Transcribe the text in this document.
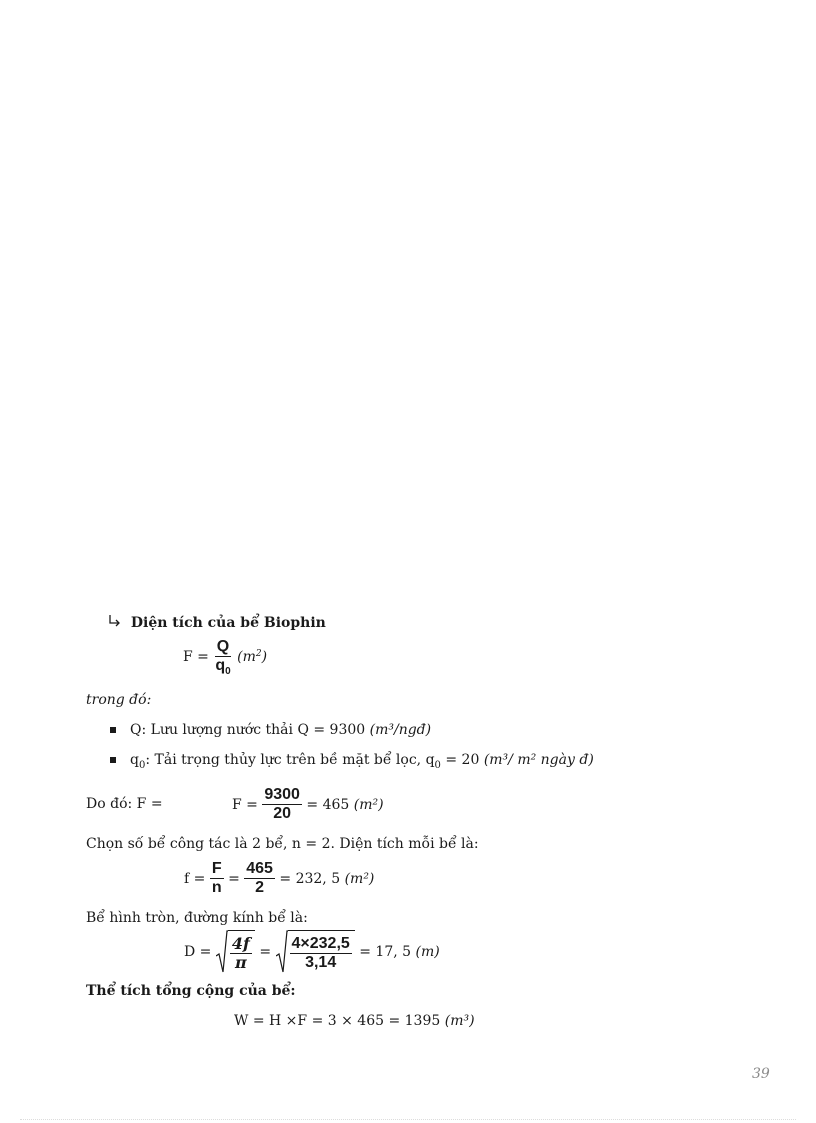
Diện tích của bể Biophin
$F = \frac{Q}{q_0} (m^2)$
trong đó:
Q: Lưu lượng nước thải Q = 9300 (m³/ngđ)
$q_0$: Tải trọng thủy lực trên bề mặt bể lọc, $q_0 = 20$ (m³/ m² ngày đ)
Do đó: F =	$F = \frac{9300}{20} = 465$ (m²)
Chọn số bể công tác là 2 bể, n = 2. Diện tích mỗi bể là:
$f = \frac{F}{n} = \frac{465}{2} = 232$, 5 (m²)
Bể hình tròn, đường kính bể là:
$D = \frac{4f}{\pi} = \frac{4\times 232,5}{3,14} = 17$, 5 (m)
Thể tích tổng cộng của bể:
W = H ×F = 3 × 465 = 1395 (m³)
39
